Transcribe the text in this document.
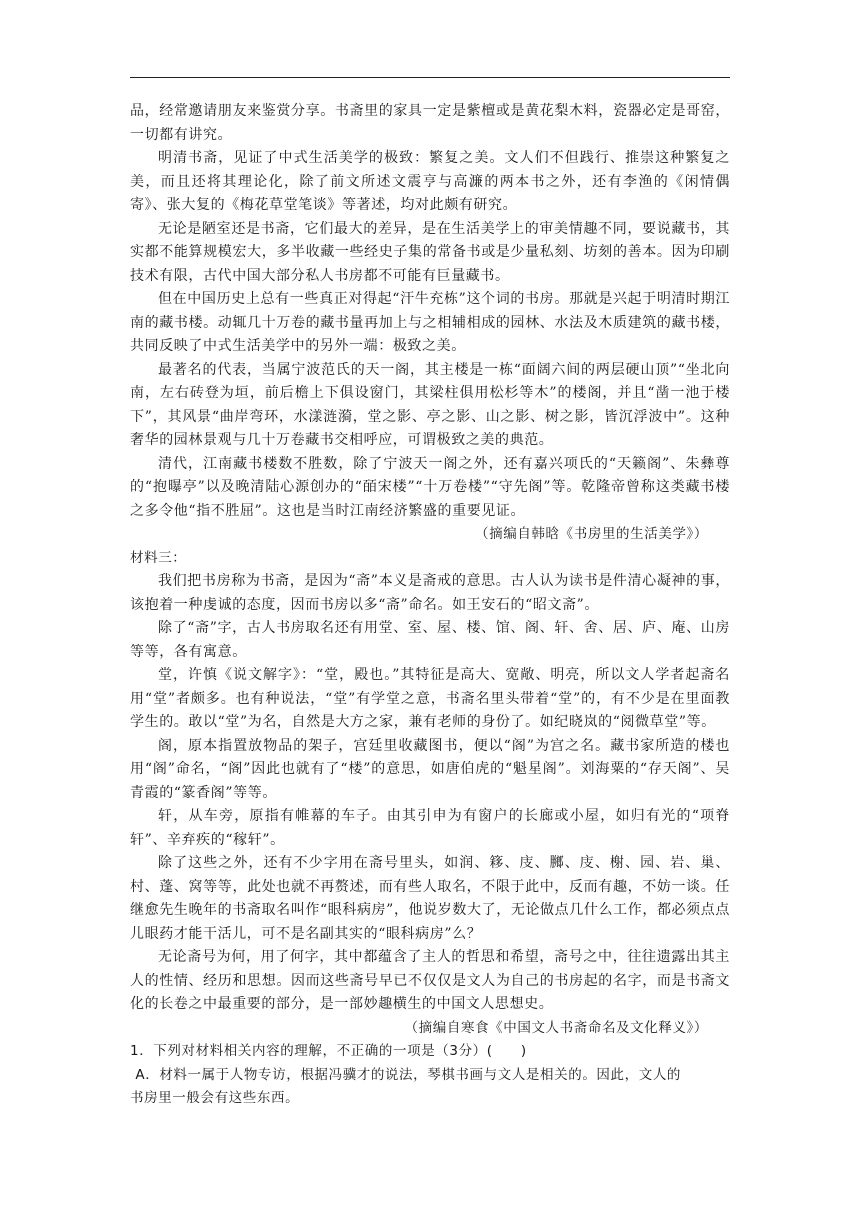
品，经常邀请朋友来鉴赏分享。书斋里的家具一定是紫檀或是黄花梨木料，瓷器必定是哥窑，一切都有讲究。

明清书斋，见证了中式生活美学的极致：繁复之美。文人们不但践行、推崇这种繁复之美，而且还将其理论化，除了前文所述文震亨与高濂的两本书之外，还有李渔的《闲情偶寄》、张大复的《梅花草堂笔谈》等著述，均对此颇有研究。

无论是陋室还是书斋，它们最大的差异，是在生活美学上的审美情趣不同，要说藏书，其实都不能算规模宏大，多半收藏一些经史子集的常备书或是少量私刻、坊刻的善本。因为印刷技术有限，古代中国大部分私人书房都不可能有巨量藏书。

但在中国历史上总有一些真正对得起“汗牛充栋”这个词的书房。那就是兴起于明清时期江南的藏书楼。动辄几十万卷的藏书量再加上与之相辅相成的园林、水法及木质建筑的藏书楼，共同反映了中式生活美学中的另外一端：极致之美。

最著名的代表，当属宁波范氏的天一阁，其主楼是一栋“面阔六间的两层硬山顶”“坐北向南，左右砖登为垣，前后檐上下俱设窗门，其梁柱俱用松杉等木”的楼阁，并且“凿一池于楼下”，其风景“曲岸弯环，水漾涟漪，堂之影、亭之影、山之影、树之影，皆沉浮波中”。这种奢华的园林景观与几十万卷藏书交相呼应，可谓极致之美的典范。

清代，江南藏书楼数不胜数，除了宁波天一阁之外，还有嘉兴项氏的“天籁阁”、朱彝尊的“抱曝亭”以及晚清陆心源创办的“皕宋楼”“十万卷楼”“守先阁”等。乾隆帝曾称这类藏书楼之多令他“指不胜屈”。这也是当时江南经济繁盛的重要见证。

（摘编自韩晗《书房里的生活美学》）

材料三：

我们把书房称为书斋，是因为“斋”本义是斋戒的意思。古人认为读书是件清心凝神的事，该抱着一种虔诚的态度，因而书房以多“斋”命名。如王安石的“昭文斋”。

除了“斋”字，古人书房取名还有用堂、室、屋、楼、馆、阁、轩、舍、居、庐、庵、山房等等，各有寓意。

堂，许慎《说文解字》：“堂，殿也。”其特征是高大、宽敞、明亮，所以文人学者起斋名用“堂”者颇多。也有种说法，“堂”有学堂之意，书斋名里头带着“堂”的，有不少是在里面教学生的。敢以“堂”为名，自然是大方之家，兼有老师的身份了。如纪晓岚的“阅微草堂”等。

阁，原本指置放物品的架子，宫廷里收藏图书，便以“阁”为宫之名。藏书家所造的楼也用“阁”命名，“阁”因此也就有了“楼”的意思，如唐伯虎的“魁星阁”。刘海粟的“存天阁”、吴青霞的“篆香阁”等等。

轩，从车旁，原指有帷幕的车子。由其引申为有窗户的长廊或小屋，如归有光的“项脊轩”、辛弃疾的“稼轩”。

除了这些之外，还有不少字用在斋号里头，如润、簃、庋、膷、庋、榭、园、岩、巢、村、蓬、窝等等，此处也就不再赘述，而有些人取名，不限于此中，反而有趣，不妨一谈。任继愈先生晚年的书斋取名叫作“眼科病房”，他说岁数大了，无论做点几什么工作，都必须点点儿眼药才能干活儿，可不是名副其实的“眼科病房”么？

无论斋号为何，用了何字，其中都蕴含了主人的哲思和希望，斋号之中，往往遗露出其主人的性情、经历和思想。因而这些斋号早已不仅仅是文人为自己的书房起的名字，而是书斋文化的长卷之中最重要的部分，是一部妙趣横生的中国文人思想史。

（摘编自寒食《中国文人书斋命名及文化释义》）

1．下列对材料相关内容的理解，不正确的一项是（3分）(　　)

A．材料一属于人物专访，根据冯骥才的说法，琴棋书画与文人是相关的。因此，文人的

书房里一般会有这些东西。
